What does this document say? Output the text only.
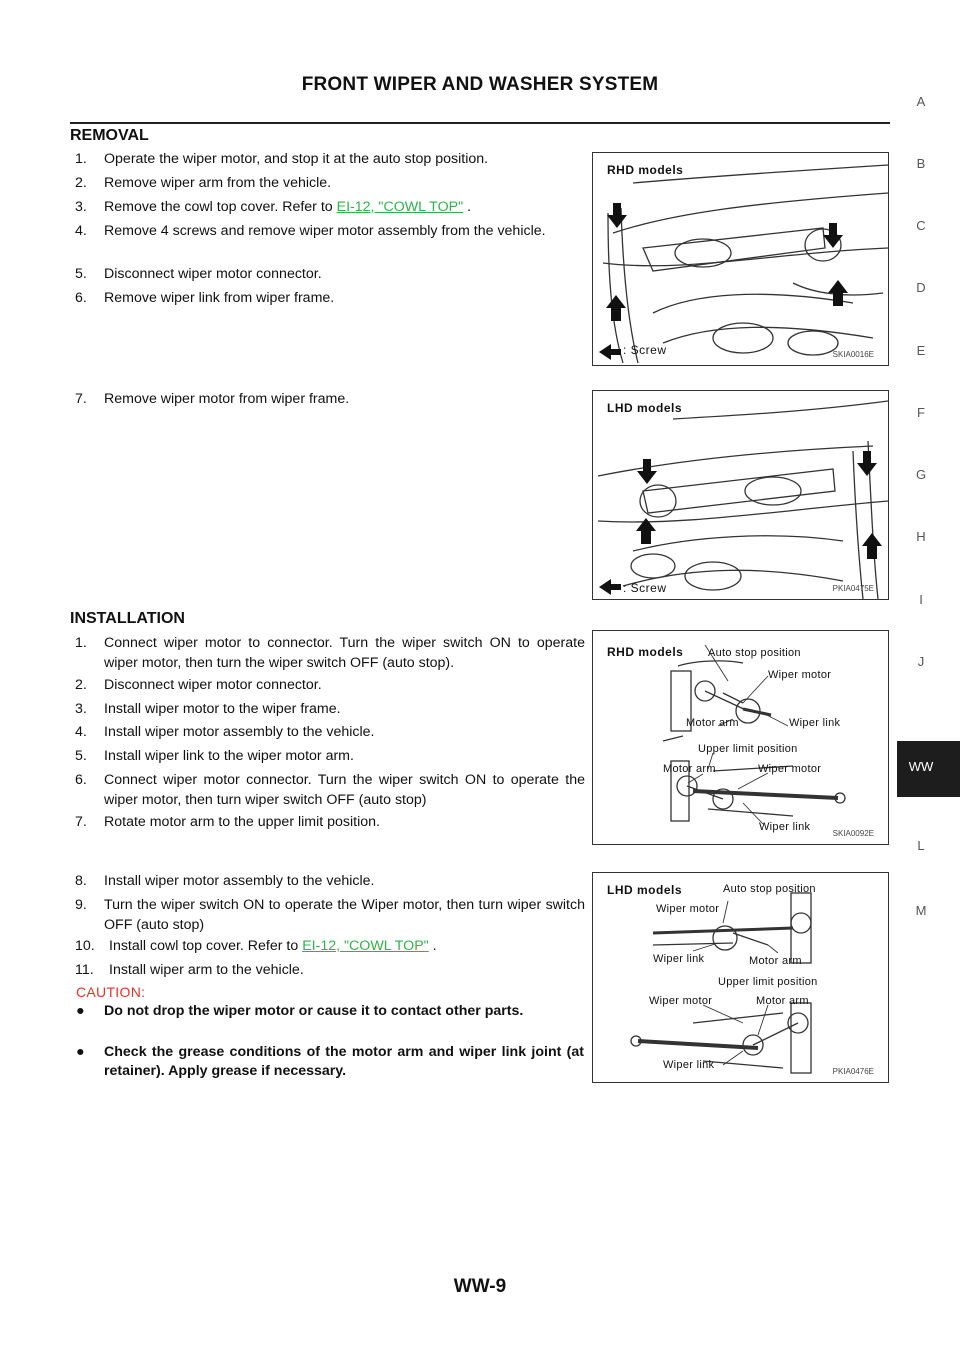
FRONT WIPER AND WASHER SYSTEM
REMOVAL
1.	Operate the wiper motor, and stop it at the auto stop position.
2.	Remove wiper arm from the vehicle.
3.	Remove the cowl top cover. Refer to EI-12, "COWL TOP" .
4.	Remove 4 screws and remove wiper motor assembly from the vehicle.
5.	Disconnect wiper motor connector.
6.	Remove wiper link from wiper frame.
7.	Remove wiper motor from wiper frame.
INSTALLATION
1.	Connect wiper motor to connector. Turn the wiper switch ON to operate wiper motor, then turn the wiper switch OFF (auto stop).
2.	Disconnect wiper motor connector.
3.	Install wiper motor to the wiper frame.
4.	Install wiper motor assembly to the vehicle.
5.	Install wiper link to the wiper motor arm.
6.	Connect wiper motor connector. Turn the wiper switch ON to operate the wiper motor, then turn wiper switch OFF (auto stop)
7.	Rotate motor arm to the upper limit position.
8.	Install wiper motor assembly to the vehicle.
9.	Turn the wiper switch ON to operate the Wiper motor, then turn wiper switch OFF (auto stop)
10.	Install cowl top cover. Refer to EI-12, "COWL TOP" .
11.	Install wiper arm to the vehicle.
CAUTION:
●	Do not drop the wiper motor or cause it to contact other parts.
●	Check the grease conditions of the motor arm and wiper link joint (at retainer). Apply grease if necessary.
RHD models
: Screw	SKIA0016E
LHD models
: Screw	PKIA0475E
RHD models Auto stop position
Wiper motor
Motor arm	Wiper link
Upper limit position
Motor arm	Wiper motor
Wiper link
SKIA0092E
LHD models	Auto stop position
Wiper motor
Wiper link	Motor arm
Upper limit position
Wiper motor	Motor arm
Wiper link
PKIA0476E
A
B
C
D
E
F
G
H
I
J
WW
L
M
WW-9
